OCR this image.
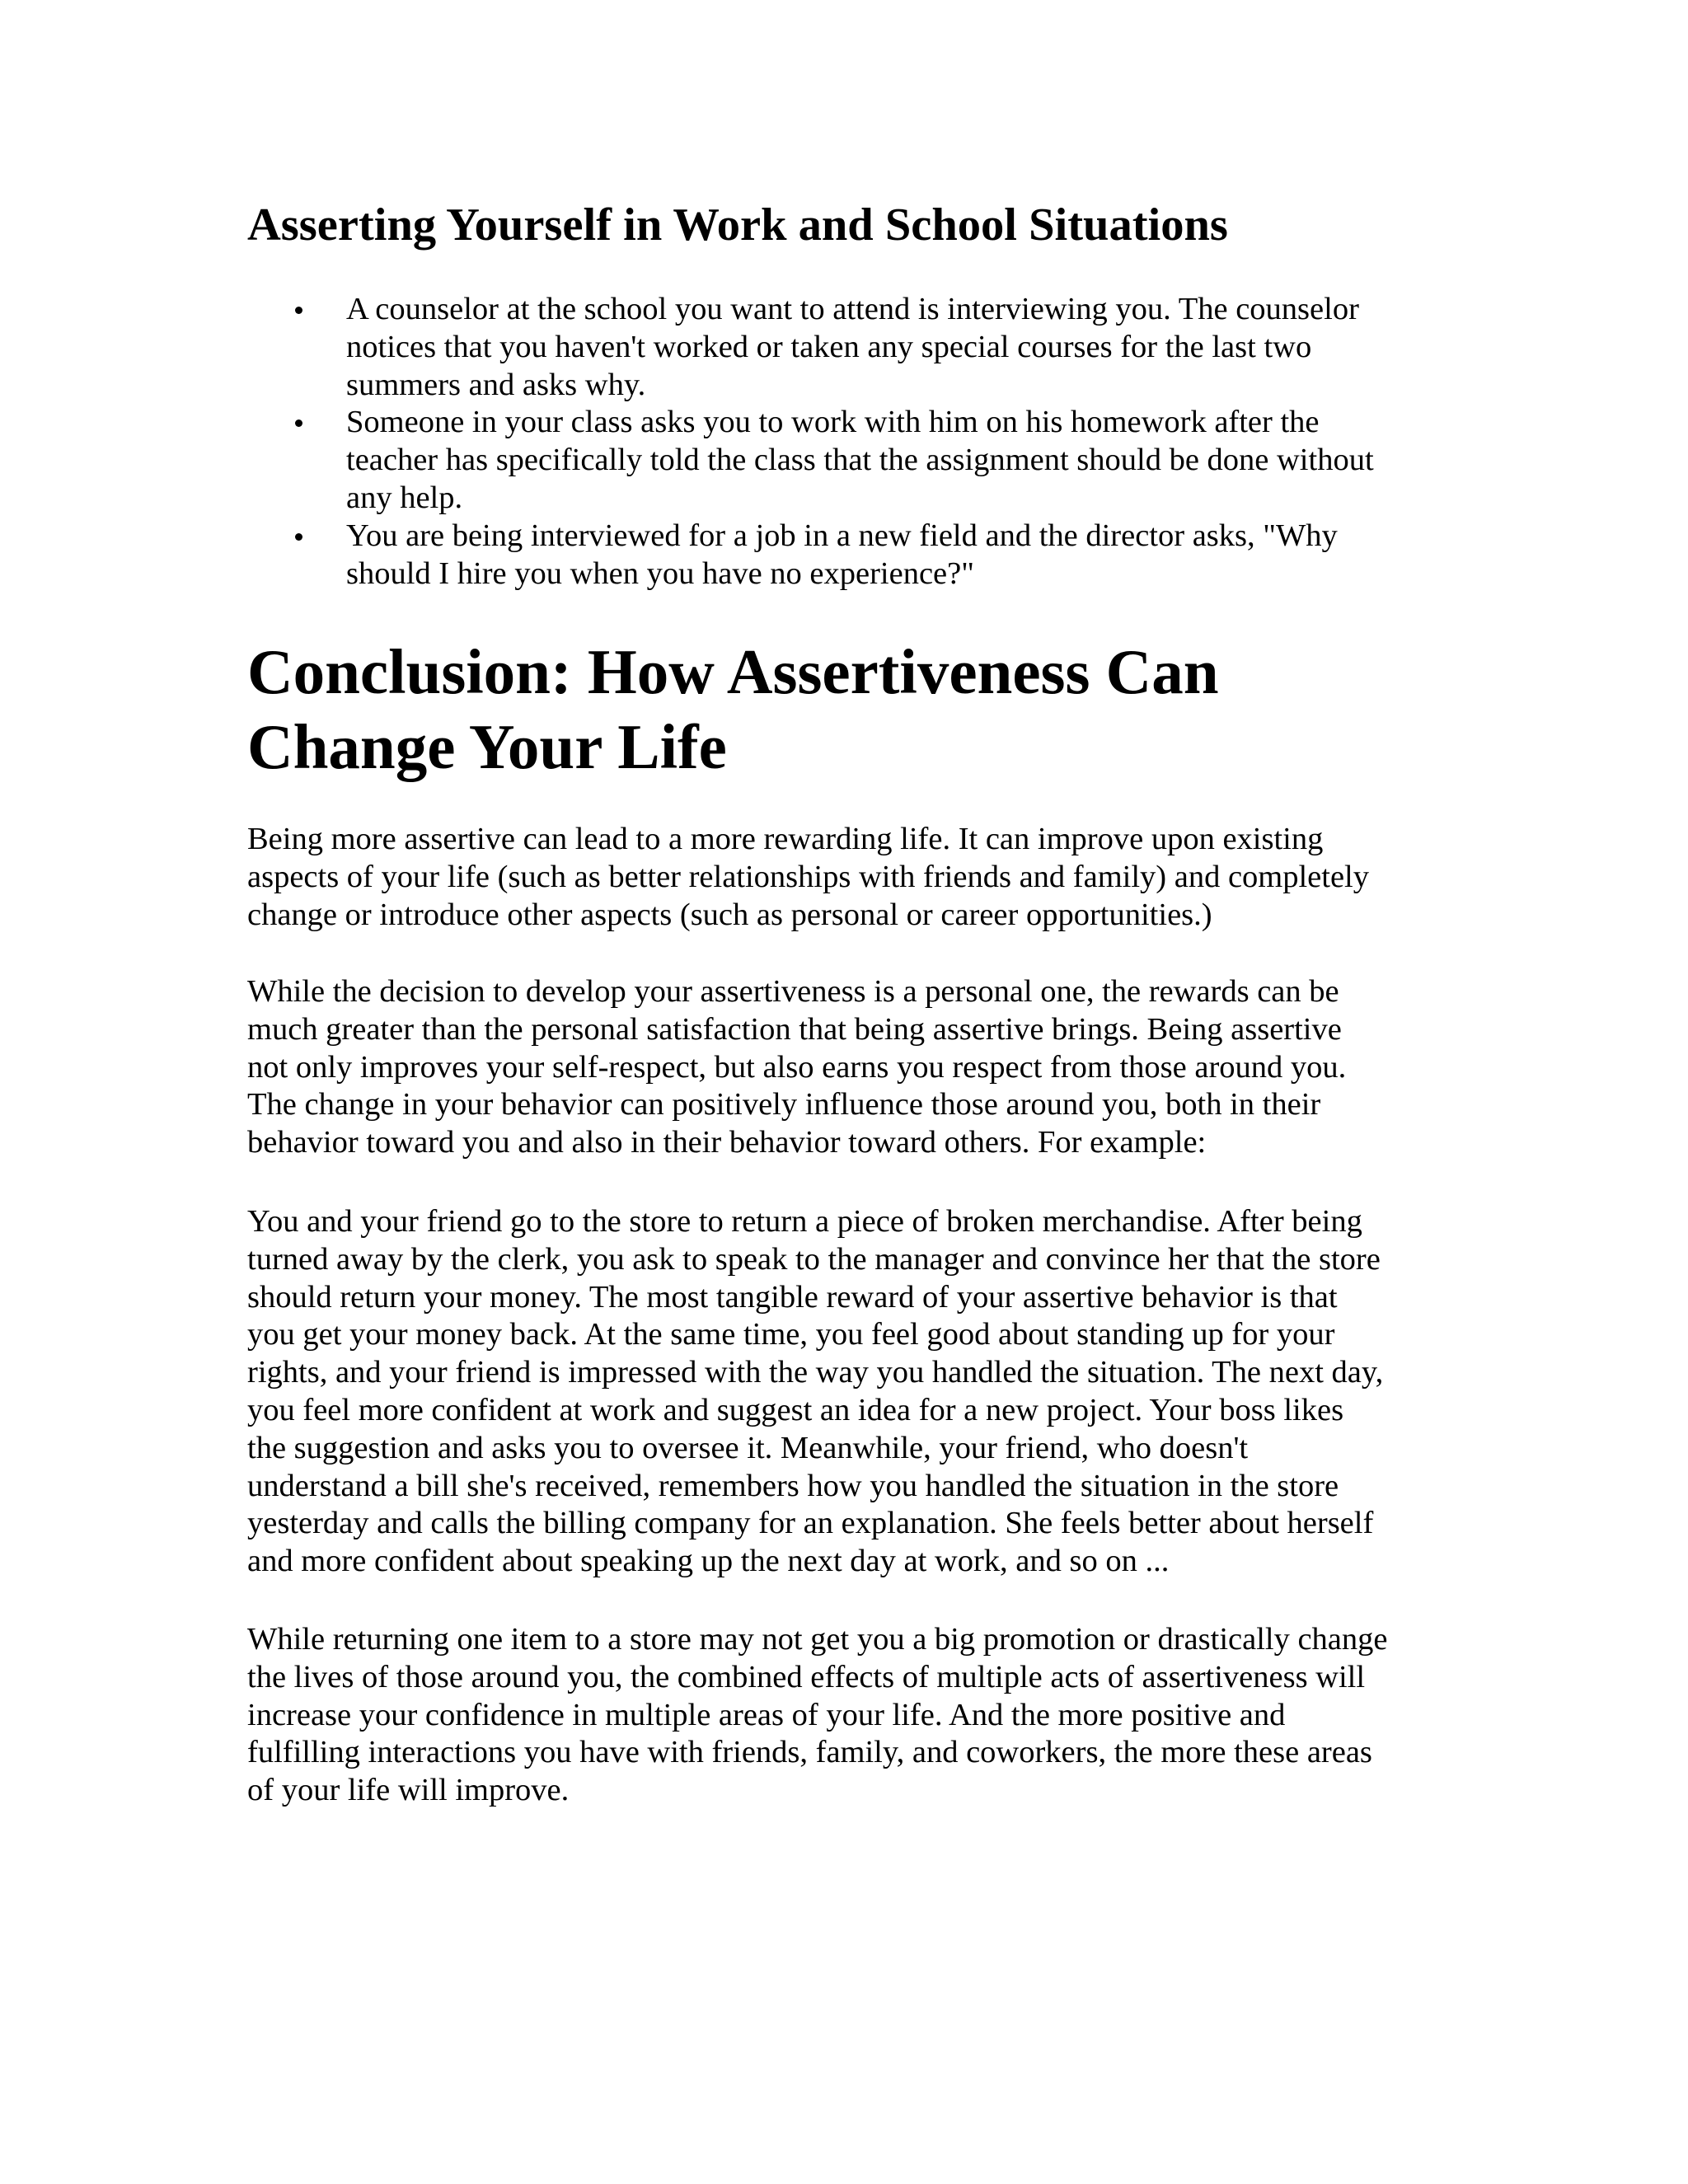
Asserting Yourself in Work and School Situations
A counselor at the school you want to attend is interviewing you. The counselor
notices that you haven't worked or taken any special courses for the last two
summers and asks why.
Someone in your class asks you to work with him on his homework after the
teacher has specifically told the class that the assignment should be done without
any help.
You are being interviewed for a job in a new field and the director asks, "Why
should I hire you when you have no experience?"
Conclusion: How Assertiveness Can
Change Your Life

Being more assertive can lead to a more rewarding life. It can improve upon existing
aspects of your life (such as better relationships with friends and family) and completely
change or introduce other aspects (such as personal or career opportunities.)

While the decision to develop your assertiveness is a personal one, the rewards can be
much greater than the personal satisfaction that being assertive brings. Being assertive
not only improves your self-respect, but also earns you respect from those around you.
The change in your behavior can positively influence those around you, both in their
behavior toward you and also in their behavior toward others. For example:

You and your friend go to the store to return a piece of broken merchandise. After being
turned away by the clerk, you ask to speak to the manager and convince her that the store
should return your money. The most tangible reward of your assertive behavior is that
you get your money back. At the same time, you feel good about standing up for your
rights, and your friend is impressed with the way you handled the situation. The next day,
you feel more confident at work and suggest an idea for a new project. Your boss likes
the suggestion and asks you to oversee it. Meanwhile, your friend, who doesn't
understand a bill she's received, remembers how you handled the situation in the store
yesterday and calls the billing company for an explanation. She feels better about herself
and more confident about speaking up the next day at work, and so on ...

While returning one item to a store may not get you a big promotion or drastically change
the lives of those around you, the combined effects of multiple acts of assertiveness will
increase your confidence in multiple areas of your life. And the more positive and
fulfilling interactions you have with friends, family, and coworkers, the more these areas
of your life will improve.
